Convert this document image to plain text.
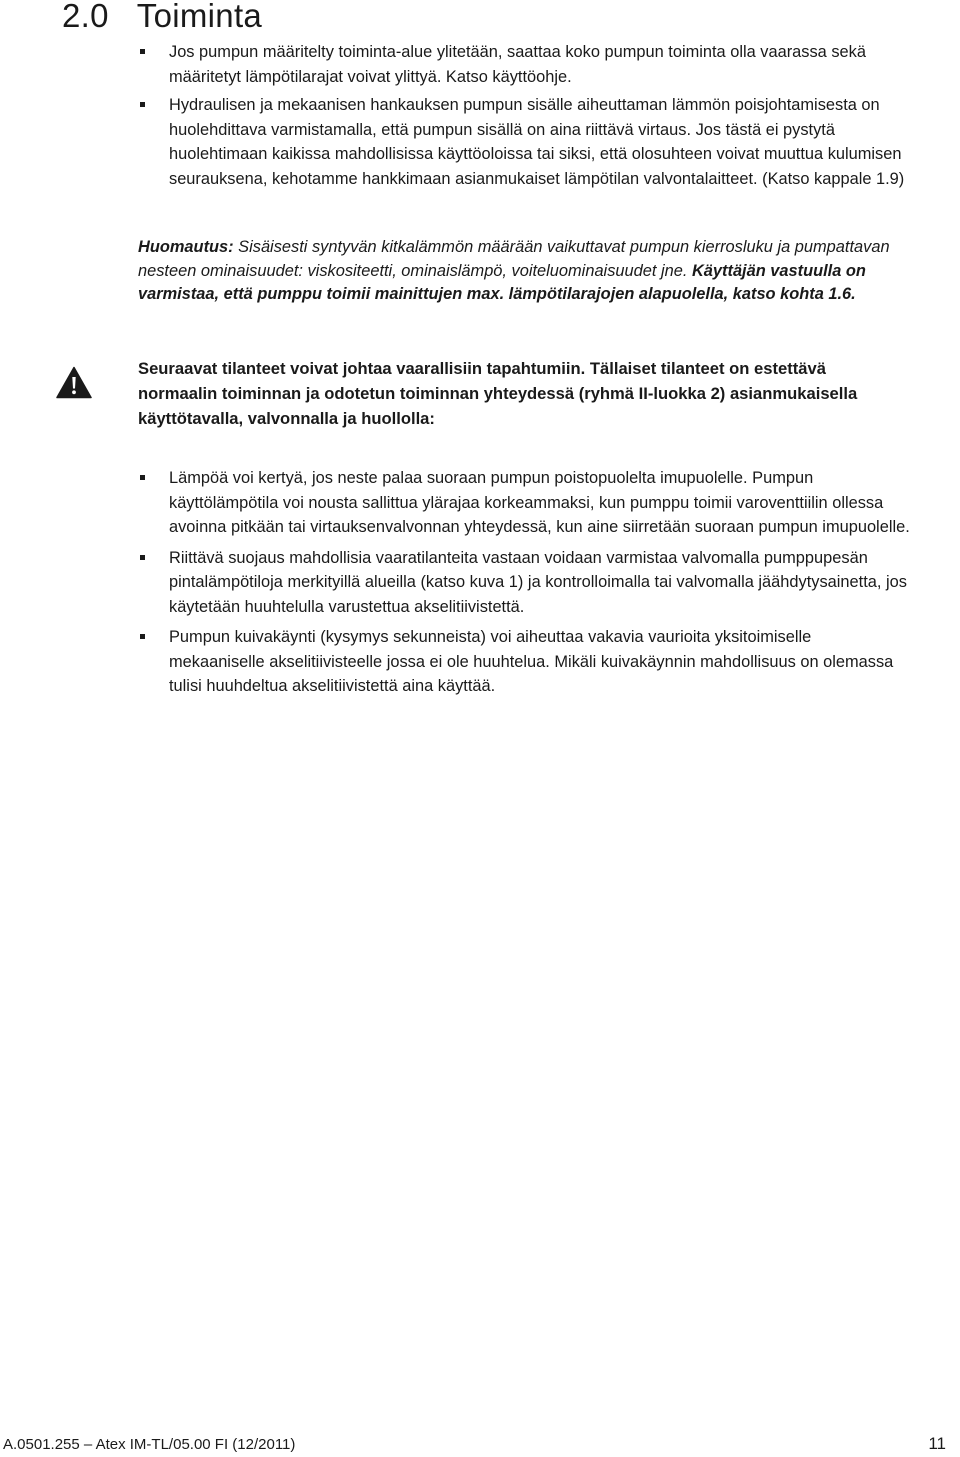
2.0 Toiminta
Jos pumpun määritelty toiminta-alue ylitetään, saattaa koko pumpun toiminta olla vaarassa sekä määritetyt lämpötilarajat voivat ylittyä. Katso käyttöohje.
Hydraulisen ja mekaanisen hankauksen pumpun sisälle aiheuttaman lämmön poisjohtamisesta on huolehdittava varmistamalla, että pumpun sisällä on aina riittävä virtaus. Jos tästä ei pystytä huolehtimaan kaikissa mahdollisissa käyttöoloissa tai siksi, että olosuhteen voivat muuttua kulumisen seurauksena, kehotamme hankkimaan asianmukaiset lämpötilan valvontalaitteet. (Katso kappale 1.9)

Huomautus: Sisäisesti syntyvän kitkalämmön määrään vaikuttavat pumpun kierrosluku ja pumpattavan nesteen ominaisuudet: viskositeetti, ominaislämpö, voiteluominaisuudet jne. Käyttäjän vastuulla on varmistaa, että pumppu toimii mainittujen max. lämpötilarajojen alapuolella, katso kohta 1.6.

Seuraavat tilanteet voivat johtaa vaarallisiin tapahtumiin. Tällaiset tilanteet on estettävä normaalin toiminnan ja odotetun toiminnan yhteydessä (ryhmä II-luokka 2) asianmukaisella käyttötavalla, valvonnalla ja huollolla:

Lämpöä voi kertyä, jos neste palaa suoraan pumpun poistopuolelta imupuolelle. Pumpun käyttölämpötila voi nousta sallittua ylärajaa korkeammaksi, kun pumppu toimii varoventtiilin ollessa avoinna pitkään tai virtauksenvalvonnan yhteydessä, kun aine siirretään suoraan pumpun imupuolelle.
Riittävä suojaus mahdollisia vaaratilanteita vastaan voidaan varmistaa valvomalla pumppupesän pintalämpötiloja merkityillä alueilla (katso kuva 1) ja kontrolloimalla tai valvomalla jäähdytysainetta, jos käytetään huuhtelulla varustettua akselitiivistettä.
Pumpun kuivakäynti (kysymys sekunneista) voi aiheuttaa vakavia vaurioita yksitoimiselle mekaaniselle akselitiivisteelle jossa ei ole huuhtelua. Mikäli kuivakäynnin mahdollisuus on olemassa tulisi huuhdeltua akselitiivistettä aina käyttää.
A.0501.255 – Atex IM-TL/05.00 FI (12/2011)	11
